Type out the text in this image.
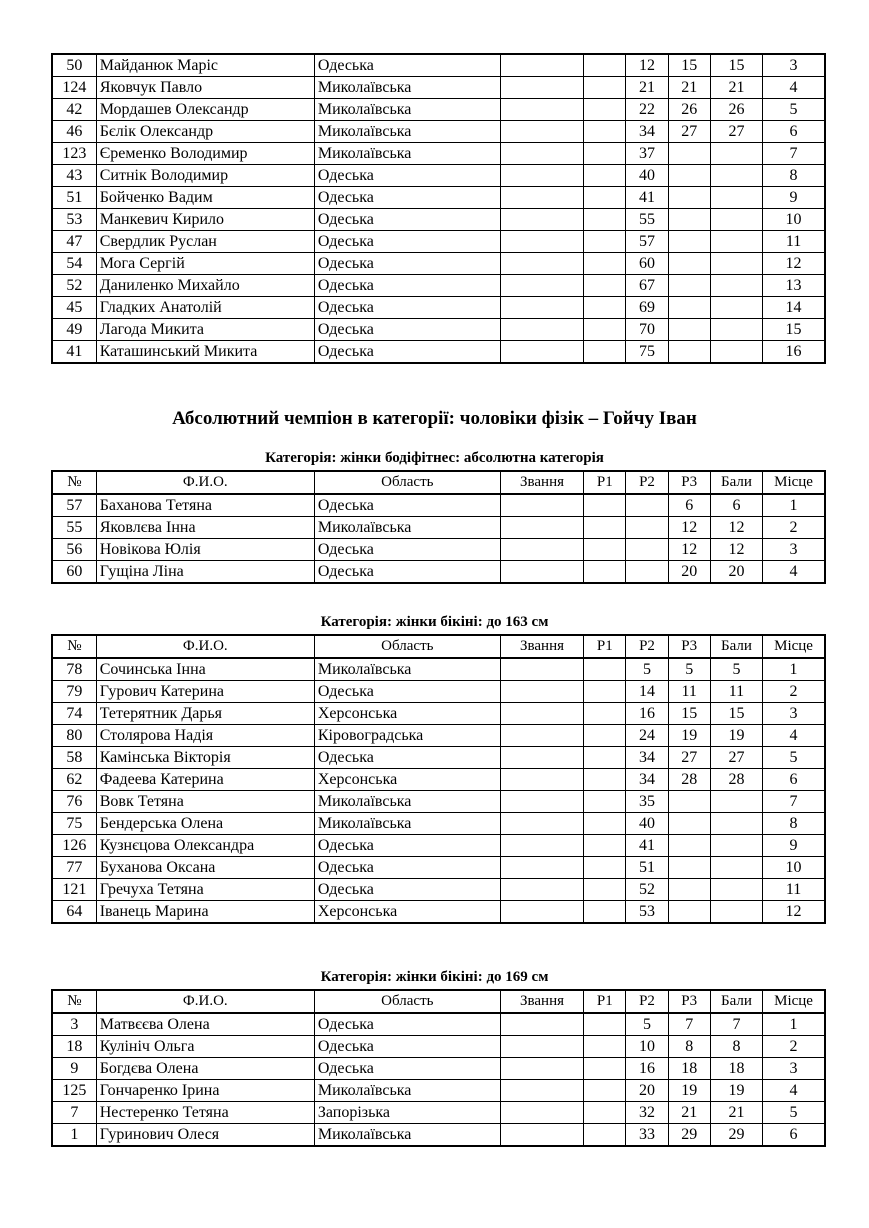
50	Майданюк Маріс	Одеська			12	15	15	3
124	Яковчук Павло	Миколаївська			21	21	21	4
42	Мордашев Олександр	Миколаївська			22	26	26	5
46	Бєлік Олександр	Миколаївська			34	27	27	6
123	Єременко Володимир	Миколаївська			37			7
43	Ситнік Володимир	Одеська			40			8
51	Бойченко Вадим	Одеська			41			9
53	Манкевич Кирило	Одеська			55			10
47	Свердлик Руслан	Одеська			57			11
54	Мога Сергій	Одеська			60			12
52	Даниленко Михайло	Одеська			67			13
45	Гладких Анатолій	Одеська			69			14
49	Лагода Микита	Одеська			70			15
41	Каташинський Микита	Одеська			75			16
Абсолютний чемпіон в категорії: чоловіки фізік – Гойчу Іван
Категорія: жінки бодіфітнес: абсолютна категорія
№	Ф.И.О.	Область	Звання	Р1	Р2	Р3	Бали	Місце
57	Баханова Тетяна	Одеська				6	6	1
55	Яковлєва Інна	Миколаївська				12	12	2
56	Новікова Юлія	Одеська				12	12	3
60	Гущіна Ліна	Одеська				20	20	4
Категорія: жінки бікіні: до 163 см
№	Ф.И.О.	Область	Звання	Р1	Р2	Р3	Бали	Місце
78	Сочинська Інна	Миколаївська			5	5	5	1
79	Гурович Катерина	Одеська			14	11	11	2
74	Тетерятник Дарья	Херсонська			16	15	15	3
80	Столярова Надія	Кіровоградська			24	19	19	4
58	Камінська Вікторія	Одеська			34	27	27	5
62	Фадеева Катерина	Херсонська			34	28	28	6
76	Вовк Тетяна	Миколаївська			35			7
75	Бендерська Олена	Миколаївська			40			8
126	Кузнєцова Олександра	Одеська			41			9
77	Буханова Оксана	Одеська			51			10
121	Гречуха Тетяна	Одеська			52			11
64	Іванець Марина	Херсонська			53			12
Категорія: жінки бікіні: до 169 см
№	Ф.И.О.	Область	Звання	Р1	Р2	Р3	Бали	Місце
3	Матвєєва Олена	Одеська			5	7	7	1
18	Кулініч Ольга	Одеська			10	8	8	2
9	Богдєва Олена	Одеська			16	18	18	3
125	Гончаренко Ірина	Миколаївська			20	19	19	4
7	Нестеренко Тетяна	Запорізька			32	21	21	5
1	Гуринович Олеся	Миколаївська			33	29	29	6
